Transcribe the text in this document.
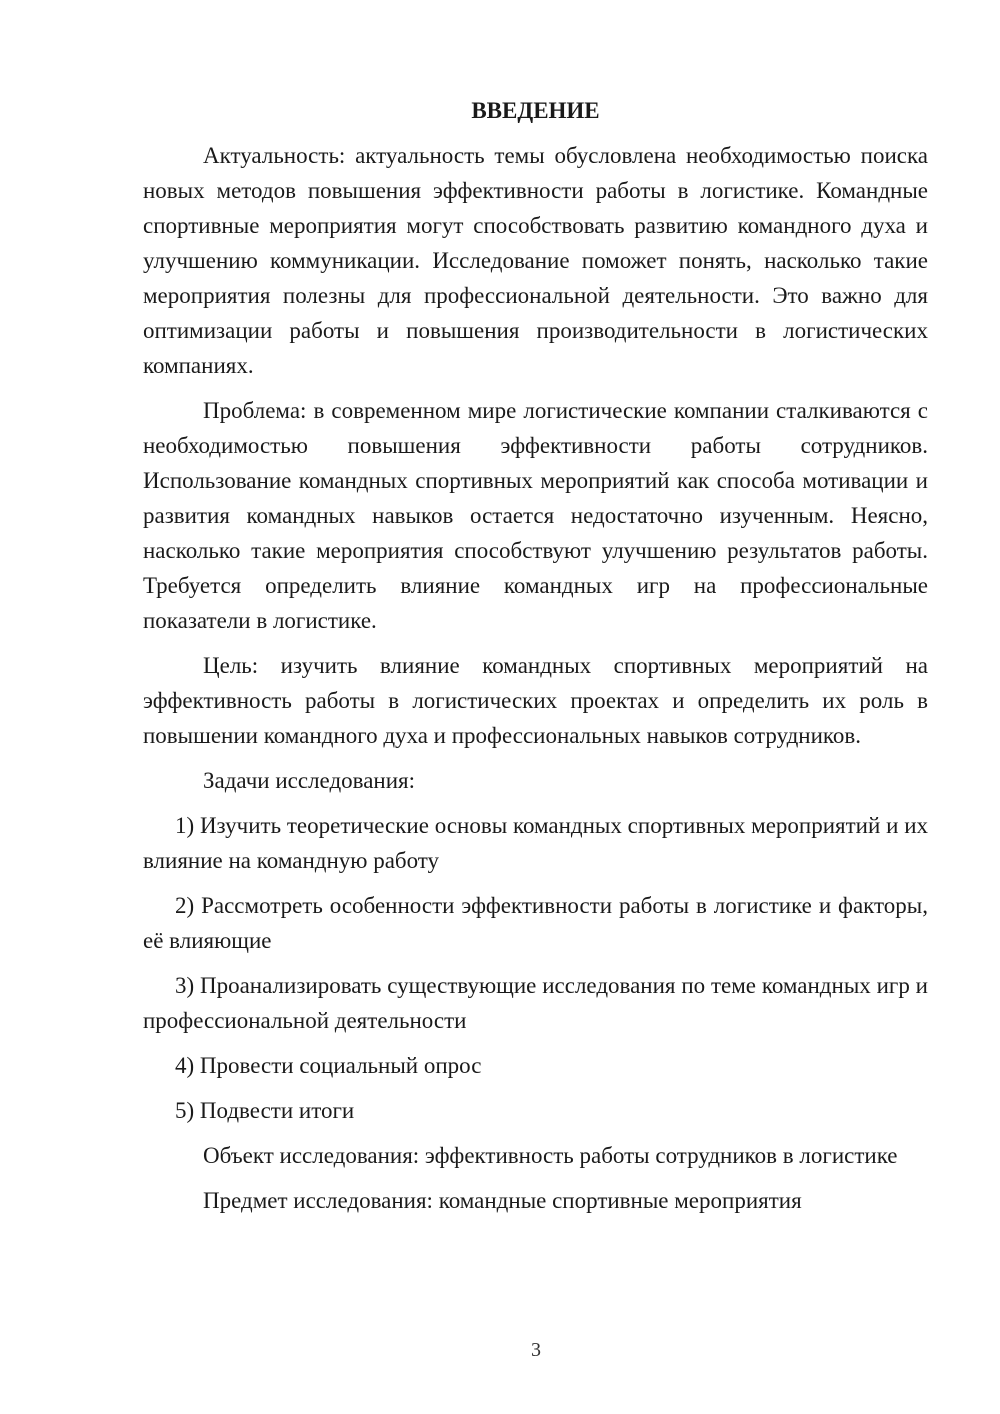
ВВЕДЕНИЕ

Актуальность: актуальность темы обусловлена необходимостью поиска новых методов повышения эффективности работы в логистике. Командные спортивные мероприятия могут способствовать развитию командного духа и улучшению коммуникации. Исследование поможет понять, насколько такие мероприятия полезны для профессиональной деятельности. Это важно для оптимизации работы и повышения производительности в логистических компаниях.

Проблема: в современном мире логистические компании сталкиваются с необходимостью повышения эффективности работы сотрудников. Использование командных спортивных мероприятий как способа мотивации и развития командных навыков остается недостаточно изученным. Неясно, насколько такие мероприятия способствуют улучшению результатов работы. Требуется определить влияние командных игр на профессиональные показатели в логистике.

Цель: изучить влияние командных спортивных мероприятий на эффективность работы в логистических проектах и определить их роль в повышении командного духа и профессиональных навыков сотрудников.

Задачи исследования:

1) Изучить теоретические основы командных спортивных мероприятий и их влияние на командную работу

2) Рассмотреть особенности эффективности работы в логистике и факторы, её влияющие

3) Проанализировать существующие исследования по теме командных игр и профессиональной деятельности

4) Провести социальный опрос

5) Подвести итоги

Объект исследования: эффективность работы сотрудников в логистике

Предмет исследования: командные спортивные мероприятия

3
